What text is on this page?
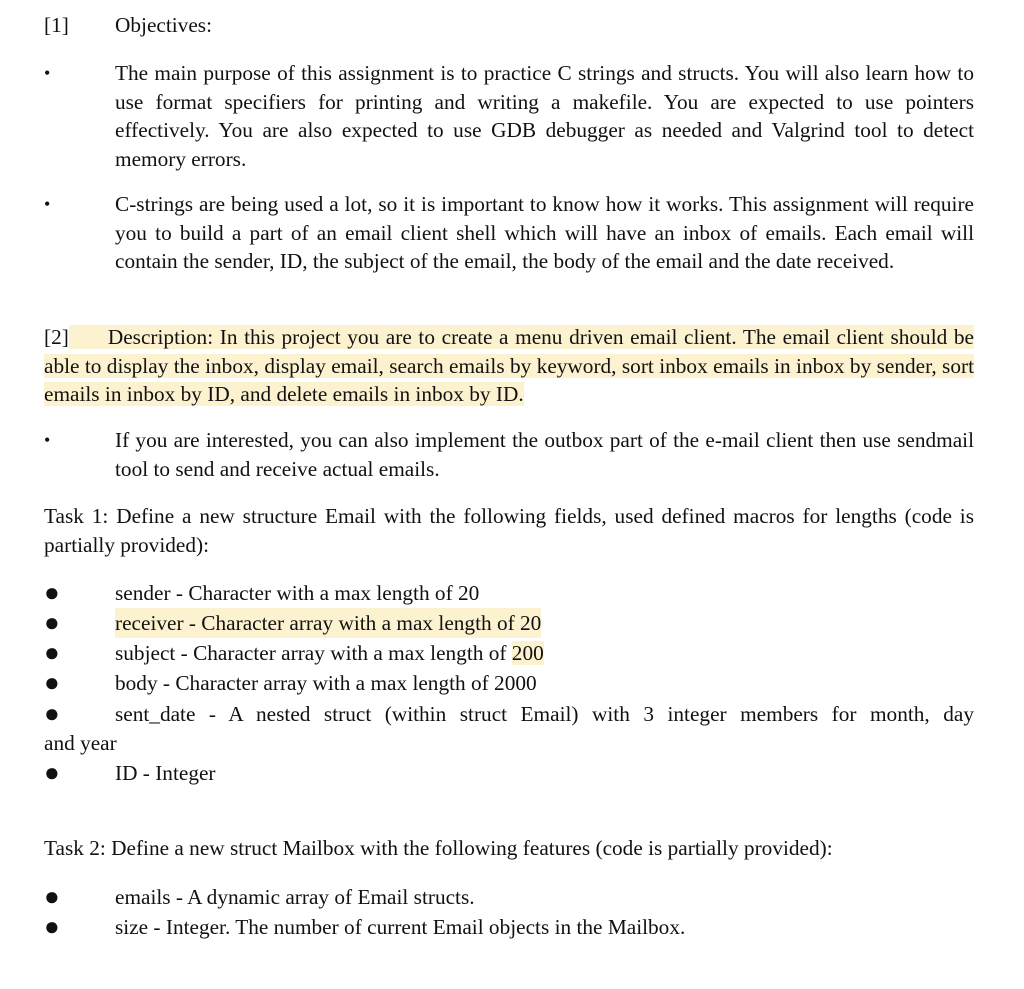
[1] Objectives:
•	The main purpose of this assignment is to practice C strings and structs. You will also learn how to use format specifiers for printing and writing a makefile. You are expected to use pointers effectively. You are also expected to use GDB debugger as needed and Valgrind tool to detect memory errors.
•	C-strings are being used a lot, so it is important to know how it works. This assignment will require you to build a part of an email client shell which will have an inbox of emails. Each email will contain the sender, ID, the subject of the email, the body of the email and the date received.
[2] Description: In this project you are to create a menu driven email client. The email client should be able to display the inbox, display email, search emails by keyword, sort inbox emails in inbox by sender, sort emails in inbox by ID, and delete emails in inbox by ID.
•	If you are interested, you can also implement the outbox part of the e-mail client then use sendmail tool to send and receive actual emails.
Task 1: Define a new structure Email with the following fields, used defined macros for lengths (code is partially provided):
●	sender - Character with a max length of 20
●	receiver - Character array with a max length of 20
●	subject - Character array with a max length of 200
●	body - Character array with a max length of 2000
●	sent_date - A nested struct (within struct Email) with 3 integer members for month, day
and year
●	ID - Integer
Task 2: Define a new struct Mailbox with the following features (code is partially provided):
●	emails - A dynamic array of Email structs.
●	size - Integer. The number of current Email objects in the Mailbox.
